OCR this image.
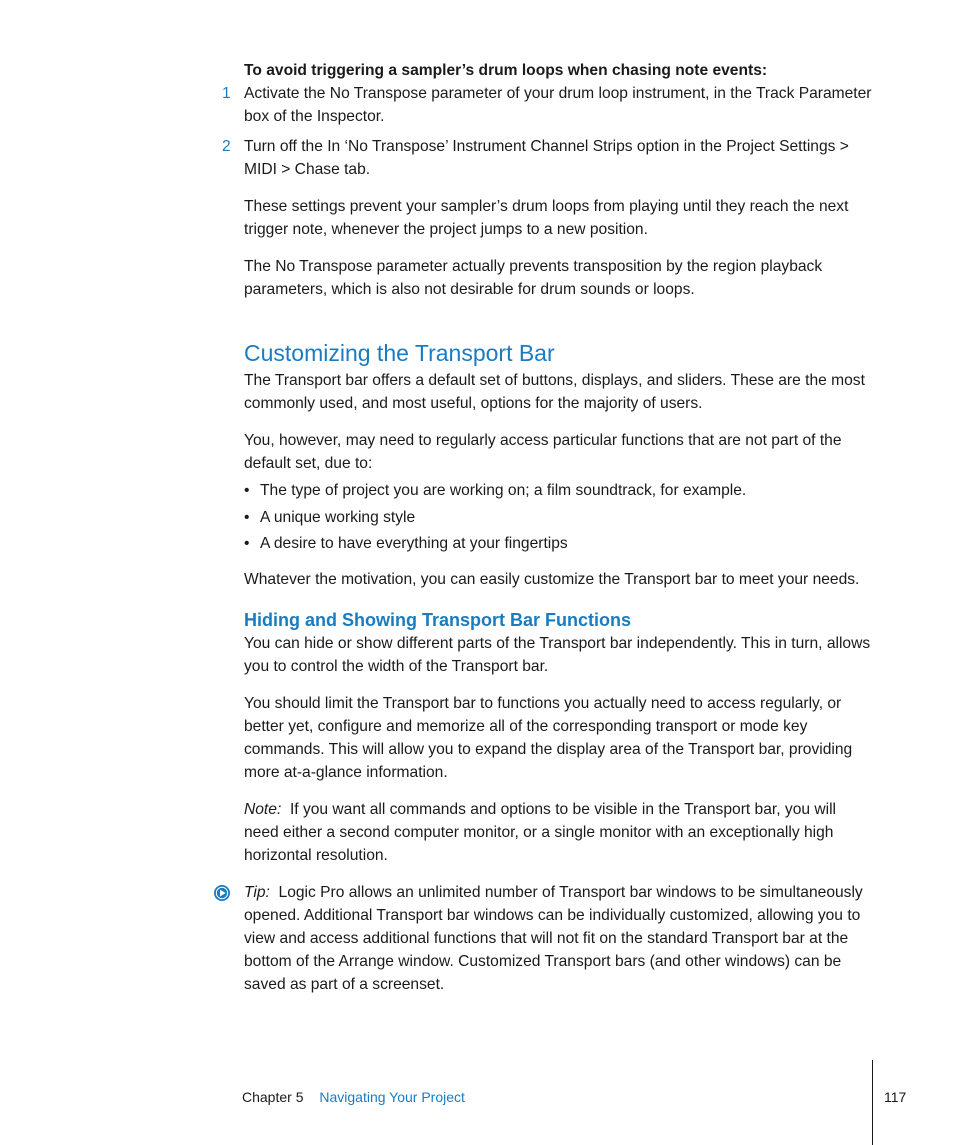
To avoid triggering a sampler’s drum loops when chasing note events:

1 Activate the No Transpose parameter of your drum loop instrument, in the Track Parameter box of the Inspector.
2 Turn off the In ‘No Transpose’ Instrument Channel Strips option in the Project Settings > MIDI > Chase tab.

These settings prevent your sampler’s drum loops from playing until they reach the next trigger note, whenever the project jumps to a new position.

The No Transpose parameter actually prevents transposition by the region playback parameters, which is also not desirable for drum sounds or loops.

Customizing the Transport Bar

The Transport bar offers a default set of buttons, displays, and sliders. These are the most commonly used, and most useful, options for the majority of users.

You, however, may need to regularly access particular functions that are not part of the default set, due to:

• The type of project you are working on; a film soundtrack, for example.
• A unique working style
• A desire to have everything at your fingertips

Whatever the motivation, you can easily customize the Transport bar to meet your needs.

Hiding and Showing Transport Bar Functions

You can hide or show different parts of the Transport bar independently. This in turn, allows you to control the width of the Transport bar.

You should limit the Transport bar to functions you actually need to access regularly, or better yet, configure and memorize all of the corresponding transport or mode key commands. This will allow you to expand the display area of the Transport bar, providing more at-a-glance information.

Note: If you want all commands and options to be visible in the Transport bar, you will need either a second computer monitor, or a single monitor with an exceptionally high horizontal resolution.

Tip: Logic Pro allows an unlimited number of Transport bar windows to be simultaneously opened. Additional Transport bar windows can be individually customized, allowing you to view and access additional functions that will not fit on the standard Transport bar at the bottom of the Arrange window. Customized Transport bars (and other windows) can be saved as part of a screenset.

Chapter 5 Navigating Your Project	117
